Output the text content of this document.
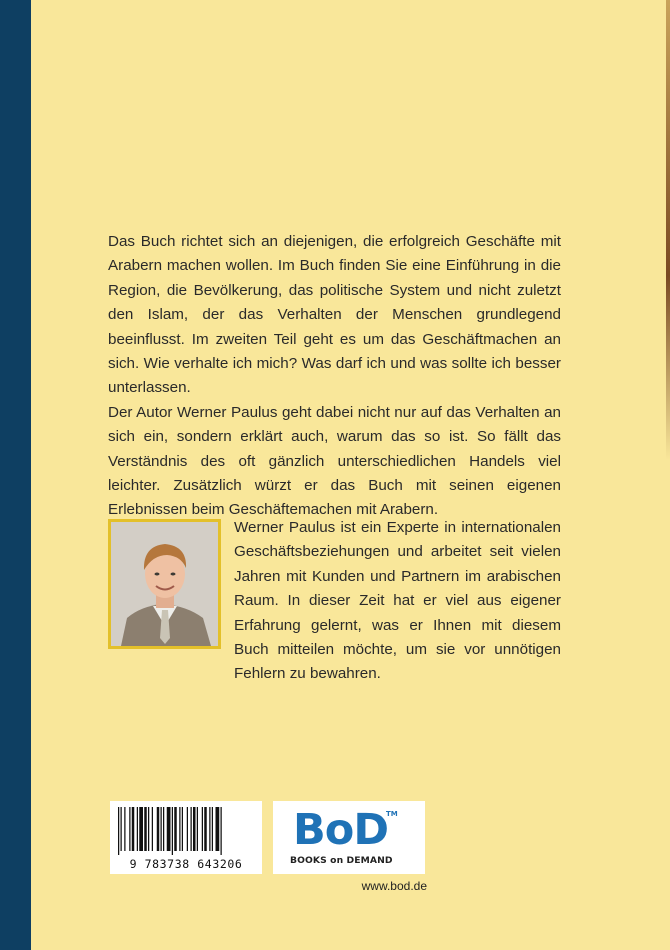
Das Buch richtet sich an diejenigen, die erfolgreich Geschäfte mit Arabern machen wollen. Im Buch finden Sie eine Einführung in die Region, die Bevölkerung, das politische System und nicht zuletzt den Islam, der das Verhalten der Menschen grundlegend beeinflusst. Im zweiten Teil geht es um das Geschäftmachen an sich. Wie verhalte ich mich? Was darf ich und was sollte ich besser unterlassen.

Der Autor Werner Paulus geht dabei nicht nur auf das Verhalten an sich ein, sondern erklärt auch, warum das so ist. So fällt das Verständnis des oft gänzlich unterschiedlichen Handels viel leichter. Zusätzlich würzt er das Buch mit seinen eigenen Erlebnissen beim Geschäftemachen mit Arabern.

Werner Paulus ist ein Experte in internationalen Geschäftsbeziehungen und arbeitet seit vielen Jahren mit Kunden und Partnern im arabischen Raum. In dieser Zeit hat er viel aus eigener Erfahrung gelernt, was er Ihnen mit diesem Buch mitteilen möchte, um sie vor unnötigen Fehlern zu bewahren.
9 783738 643206
BoD
TM
BOOKS on DEMAND
www.bod.de
